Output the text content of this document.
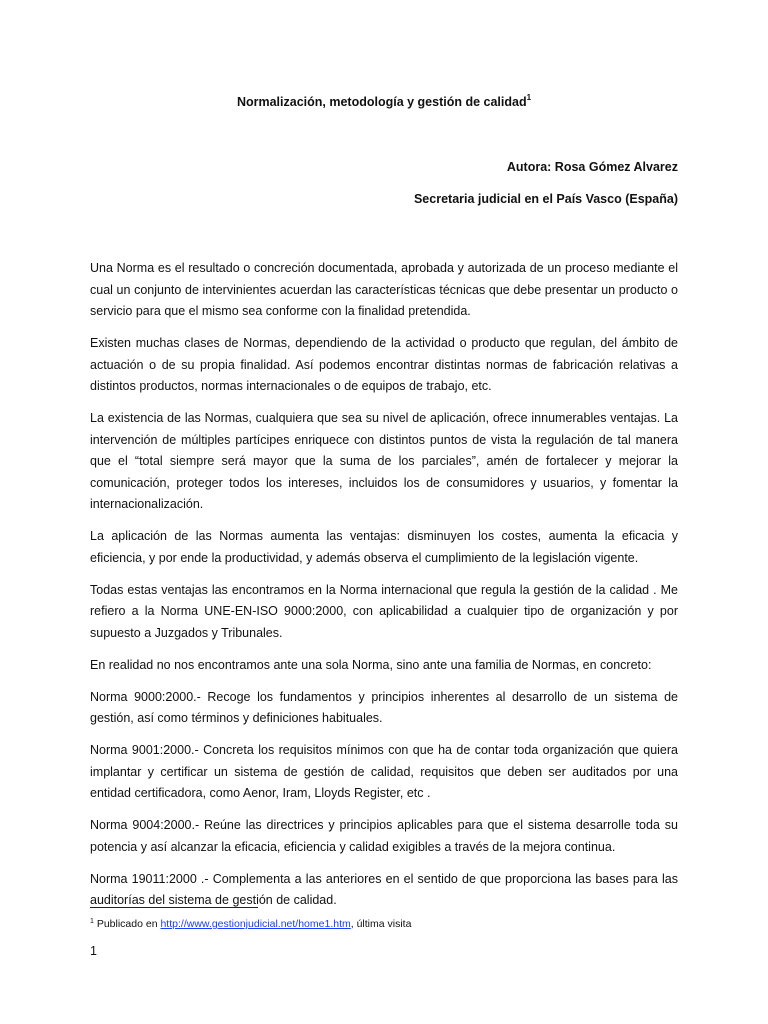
Normalización, metodología y gestión de calidad$^1$
Autora: Rosa Gómez Alvarez
Secretaria judicial en el País Vasco (España)

Una Norma es el resultado o concreción documentada, aprobada y autorizada de un proceso mediante el cual un conjunto de intervinientes acuerdan las características técnicas que debe presentar un producto o servicio para que el mismo sea conforme con la finalidad pretendida.

Existen muchas clases de Normas, dependiendo de la actividad o producto que regulan, del ámbito de actuación o de su propia finalidad. Así podemos encontrar distintas normas de fabricación relativas a distintos productos, normas internacionales o de equipos de trabajo, etc.

La existencia de las Normas, cualquiera que sea su nivel de aplicación, ofrece innumerables ventajas. La intervención de múltiples partícipes enriquece con distintos puntos de vista la regulación de tal manera que el “total siempre será mayor que la suma de los parciales”, amén de fortalecer y mejorar la comunicación, proteger todos los intereses, incluidos los de consumidores y usuarios, y fomentar la internacionalización.

La aplicación de las Normas aumenta las ventajas: disminuyen los costes, aumenta la eficacia y eficiencia, y por ende la productividad, y además observa el cumplimiento de la legislación vigente.

Todas estas ventajas las encontramos en la Norma internacional que regula la gestión de la calidad . Me refiero a la Norma UNE-EN-ISO 9000:2000, con aplicabilidad a cualquier tipo de organización y por supuesto a Juzgados y Tribunales.

En realidad no nos encontramos ante una sola Norma, sino ante una familia de Normas, en concreto:

Norma 9000:2000.- Recoge los fundamentos y principios inherentes al desarrollo de un sistema de gestión, así como términos y definiciones habituales.

Norma 9001:2000.- Concreta los requisitos mínimos con que ha de contar toda organización que quiera implantar y certificar un sistema de gestión de calidad, requisitos que deben ser auditados por una entidad certificadora, como Aenor, Iram, Lloyds Register, etc .

Norma 9004:2000.- Reúne las directrices y principios aplicables para que el sistema desarrolle toda su potencia y así alcanzar la eficacia, eficiencia y calidad exigibles a través de la mejora continua.

Norma 19011:2000 .- Complementa a las anteriores en el sentido de que proporciona las bases para las auditorías del sistema de gestión de calidad.

$^1$ Publicado en http://www.gestionjudicial.net/home1.htm, última visita
1
